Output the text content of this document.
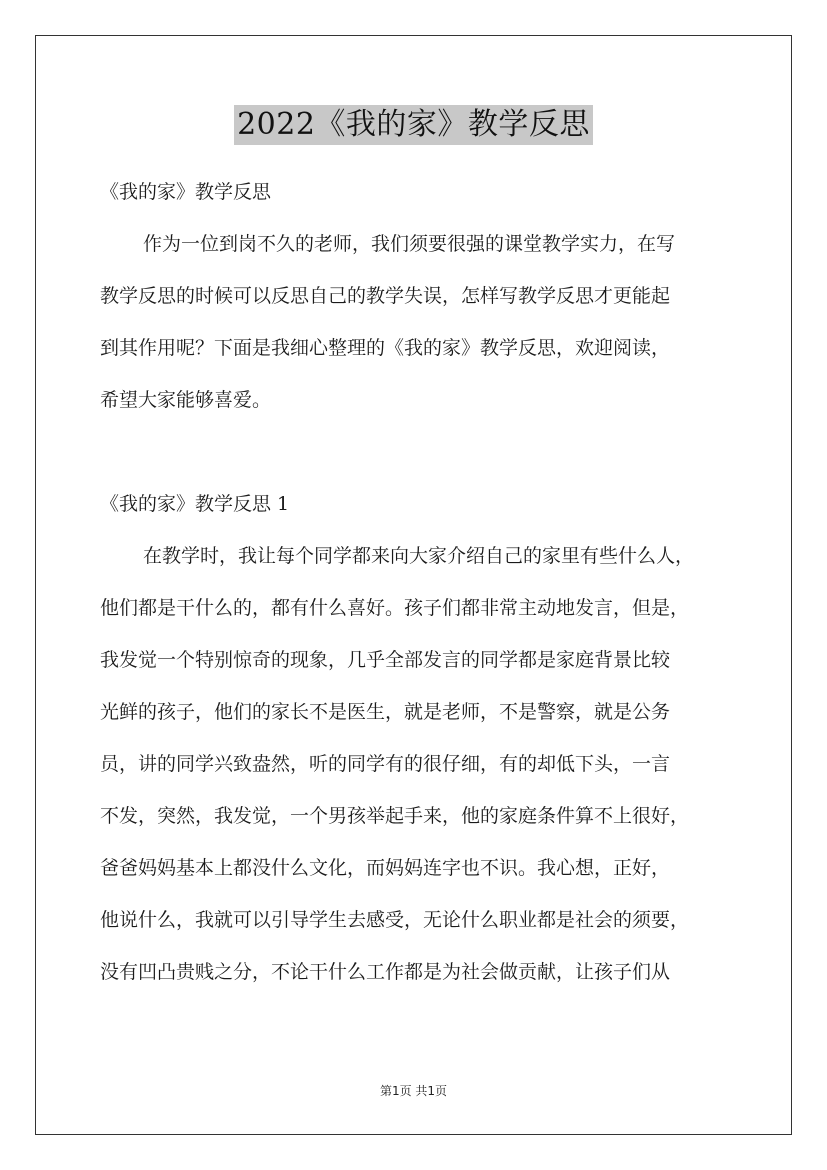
2022《我的家》教学反思

《我的家》教学反思

作为一位到岗不久的老师，我们须要很强的课堂教学实力，在写

教学反思的时候可以反思自己的教学失误，怎样写教学反思才更能起

到其作用呢？下面是我细心整理的《我的家》教学反思，欢迎阅读，

希望大家能够喜爱。

《我的家》教学反思 1

在教学时，我让每个同学都来向大家介绍自己的家里有些什么人，

他们都是干什么的，都有什么喜好。孩子们都非常主动地发言，但是，

我发觉一个特别惊奇的现象，几乎全部发言的同学都是家庭背景比较

光鲜的孩子，他们的家长不是医生，就是老师，不是警察，就是公务

员，讲的同学兴致盎然，听的同学有的很仔细，有的却低下头，一言

不发，突然，我发觉，一个男孩举起手来，他的家庭条件算不上很好，

爸爸妈妈基本上都没什么文化，而妈妈连字也不识。我心想，正好，

他说什么，我就可以引导学生去感受，无论什么职业都是社会的须要，

没有凹凸贵贱之分，不论干什么工作都是为社会做贡献，让孩子们从

第1页 共1页
